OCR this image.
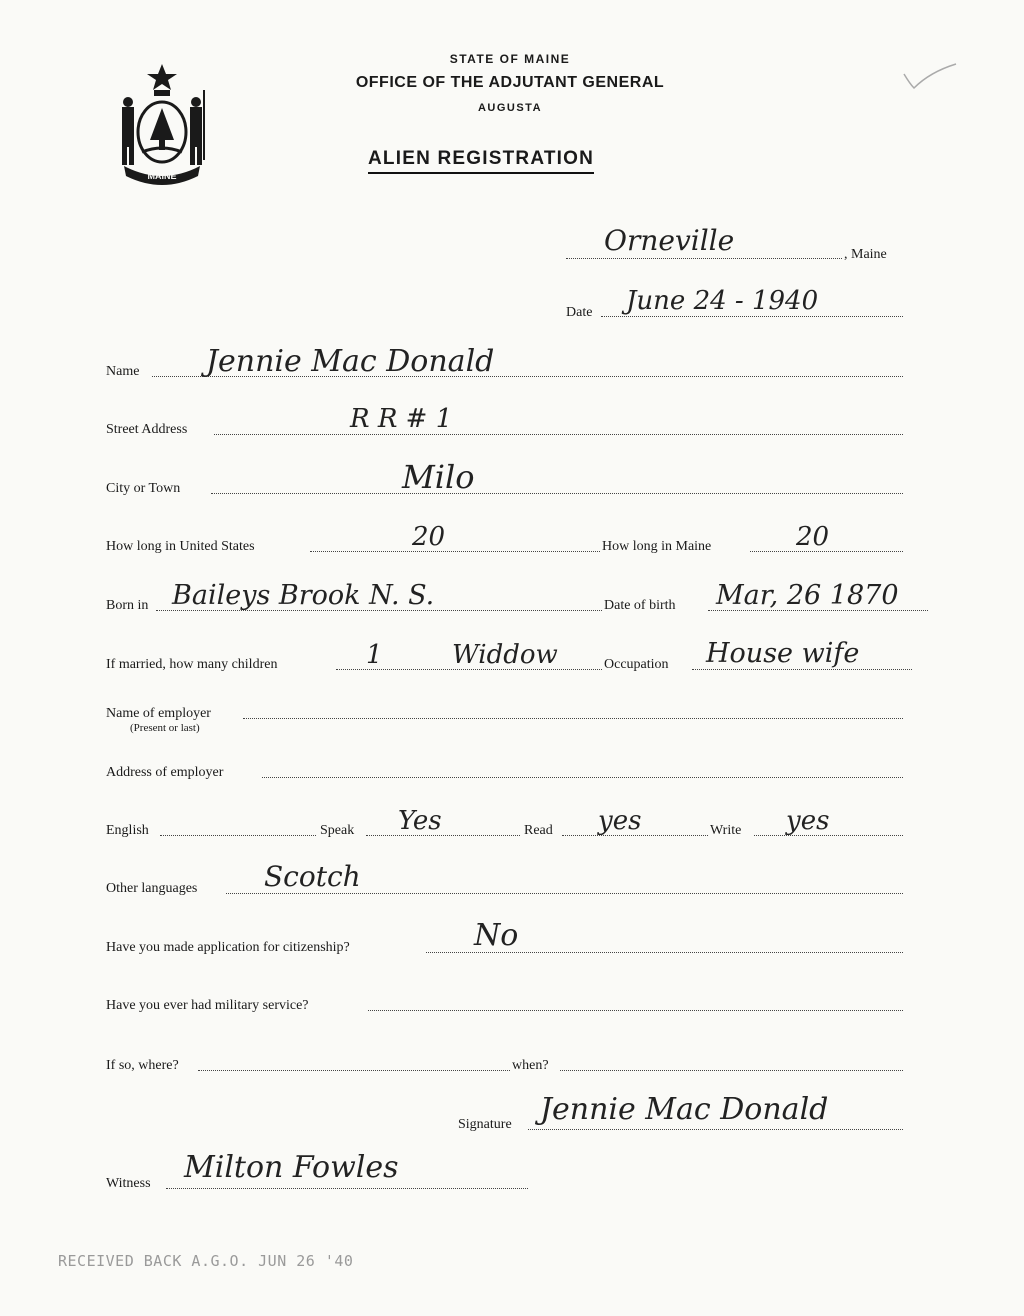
MAINE
STATE OF MAINE
OFFICE OF THE ADJUTANT GENERAL
AUGUSTA
ALIEN REGISTRATION
Orneville	, Maine
Date June 24 - 1940
Name Jennie Mac Donald
Street Address	R R # 1
City or Town	Milo
How long in United States	20	How long in Maine	20
Born in Baileys Brook N. S.	Date of birth Mar, 26 1870
If married, how many children	1	Widdow	Occupation House wife
Name of employer
(Present or last)
Address of employer
English	Speak Yes	Read yes	Write yes
Other languages Scotch
Have you made application for citizenship?	No
Have you ever had military service?
If so, where?	when?
Signature Jennie Mac Donald
Witness Milton Fowles
RECEIVED BACK A.G.O. JUN 26 '40
